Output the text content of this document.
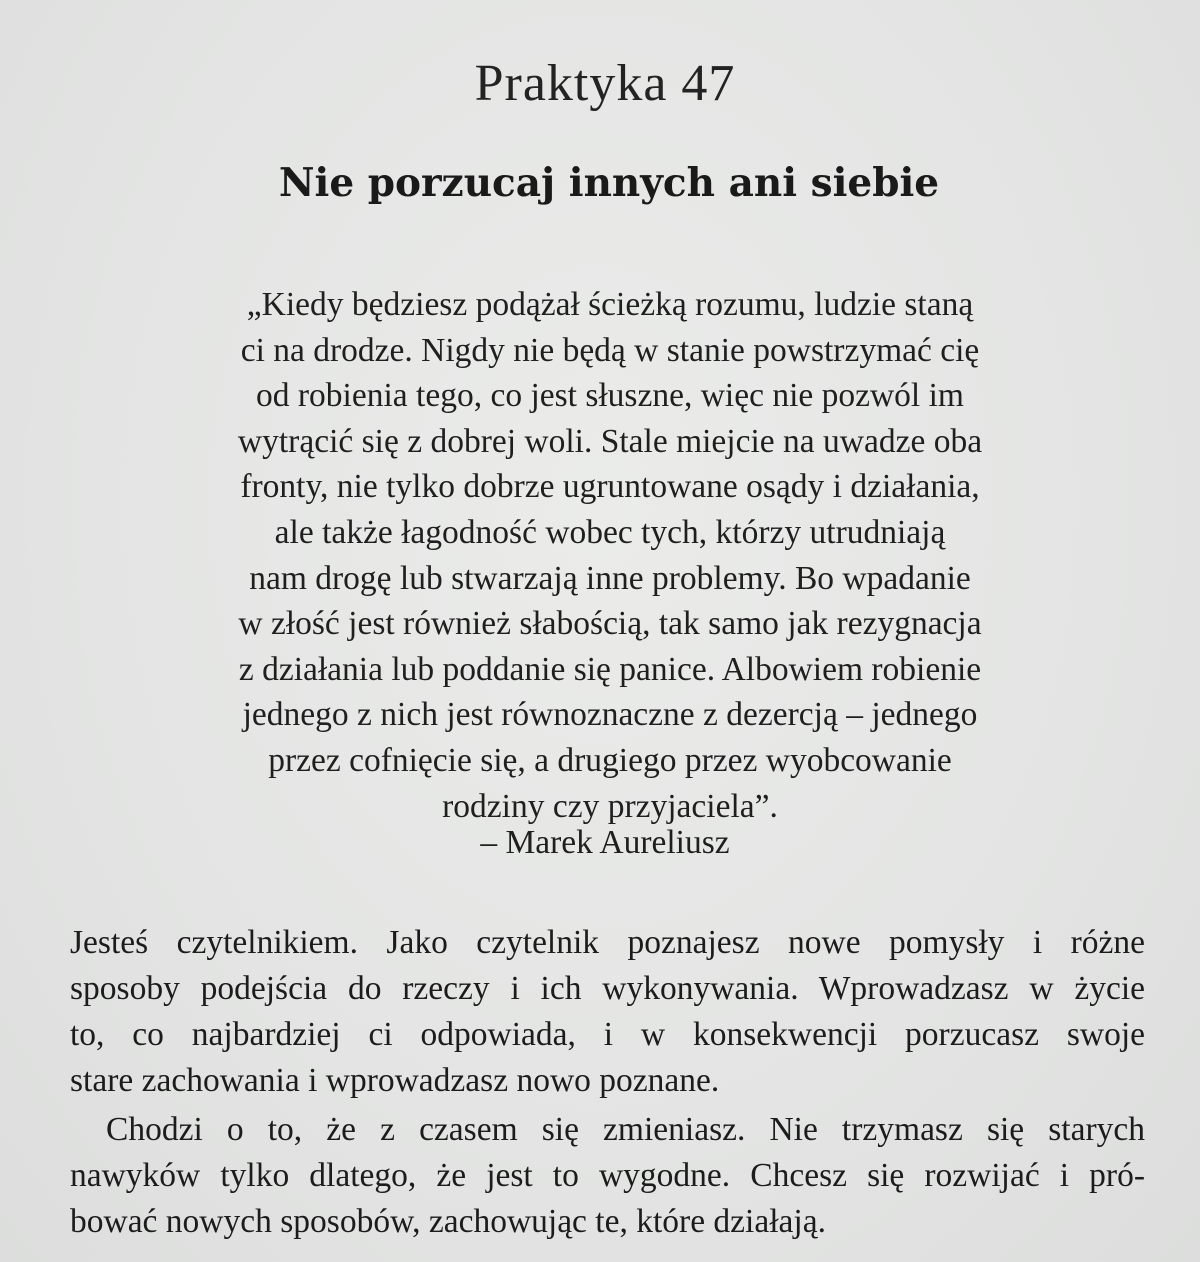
Praktyka 47
Nie porzucaj innych ani siebie
„Kiedy będziesz podążał ścieżką rozumu, ludzie staną
ci na drodze. Nigdy nie będą w stanie powstrzymać cię
od robienia tego, co jest słuszne, więc nie pozwól im
wytrącić się z dobrej woli. Stale miejcie na uwadze oba
fronty, nie tylko dobrze ugruntowane osądy i działania,
ale także łagodność wobec tych, którzy utrudniają
nam drogę lub stwarzają inne problemy. Bo wpadanie
w złość jest również słabością, tak samo jak rezygnacja
z działania lub poddanie się panice. Albowiem robienie
jednego z nich jest równoznaczne z dezercją – jednego
przez cofnięcie się, a drugiego przez wyobcowanie
rodziny czy przyjaciela”.
– Marek Aureliusz
Jesteś czytelnikiem. Jako czytelnik poznajesz nowe pomysły i różne
sposoby podejścia do rzeczy i ich wykonywania. Wprowadzasz w życie
to, co najbardziej ci odpowiada, i w konsekwencji porzucasz swoje
stare zachowania i wprowadzasz nowo poznane.
Chodzi o to, że z czasem się zmieniasz. Nie trzymasz się starych
nawyków tylko dlatego, że jest to wygodne. Chcesz się rozwijać i pró-
bować nowych sposobów, zachowując te, które działają.
